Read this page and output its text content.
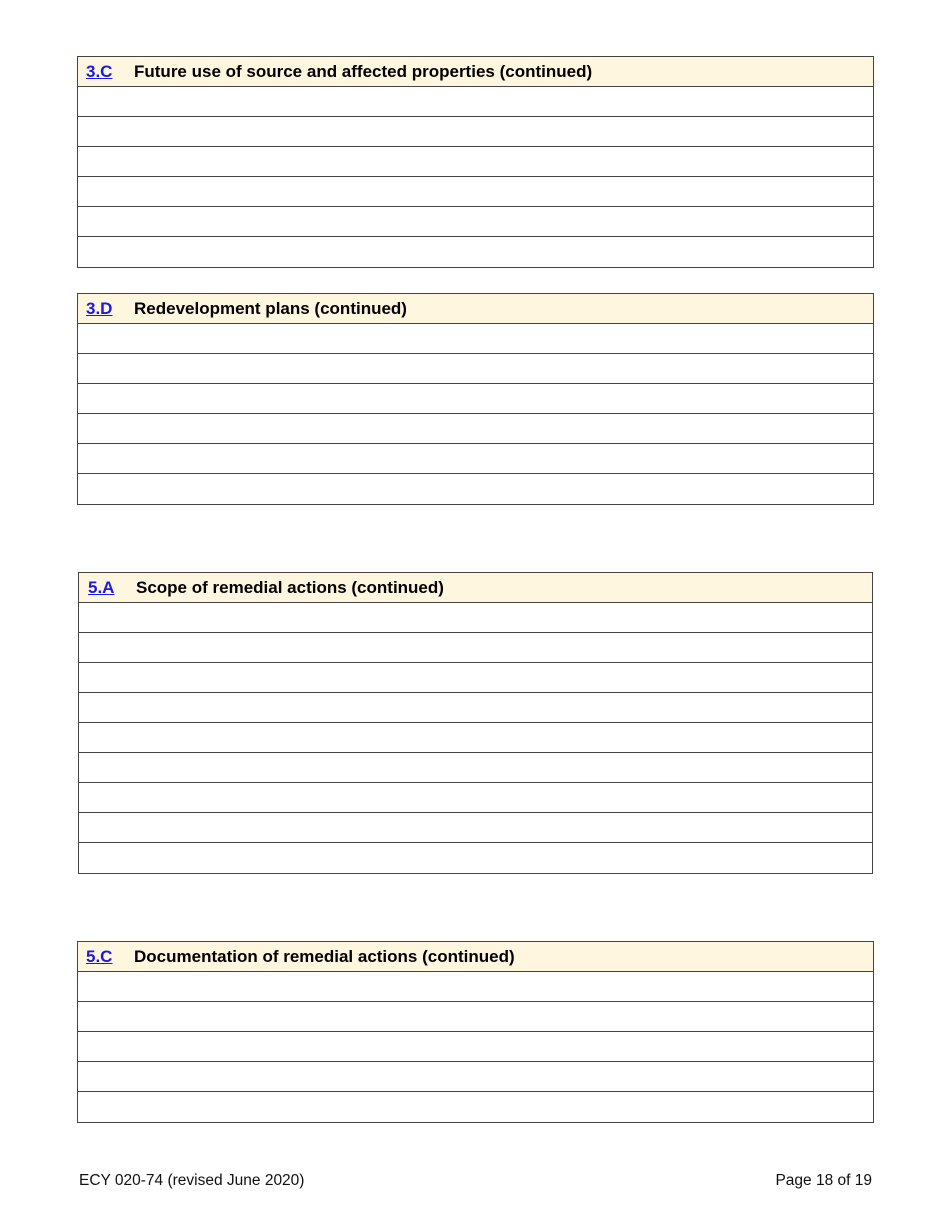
3.C	Future use of source and affected properties (continued)
3.D	Redevelopment plans (continued)
5.A	Scope of remedial actions (continued)
5.C	Documentation of remedial actions (continued)
ECY 020-74 (revised June 2020)	Page 18 of 19
